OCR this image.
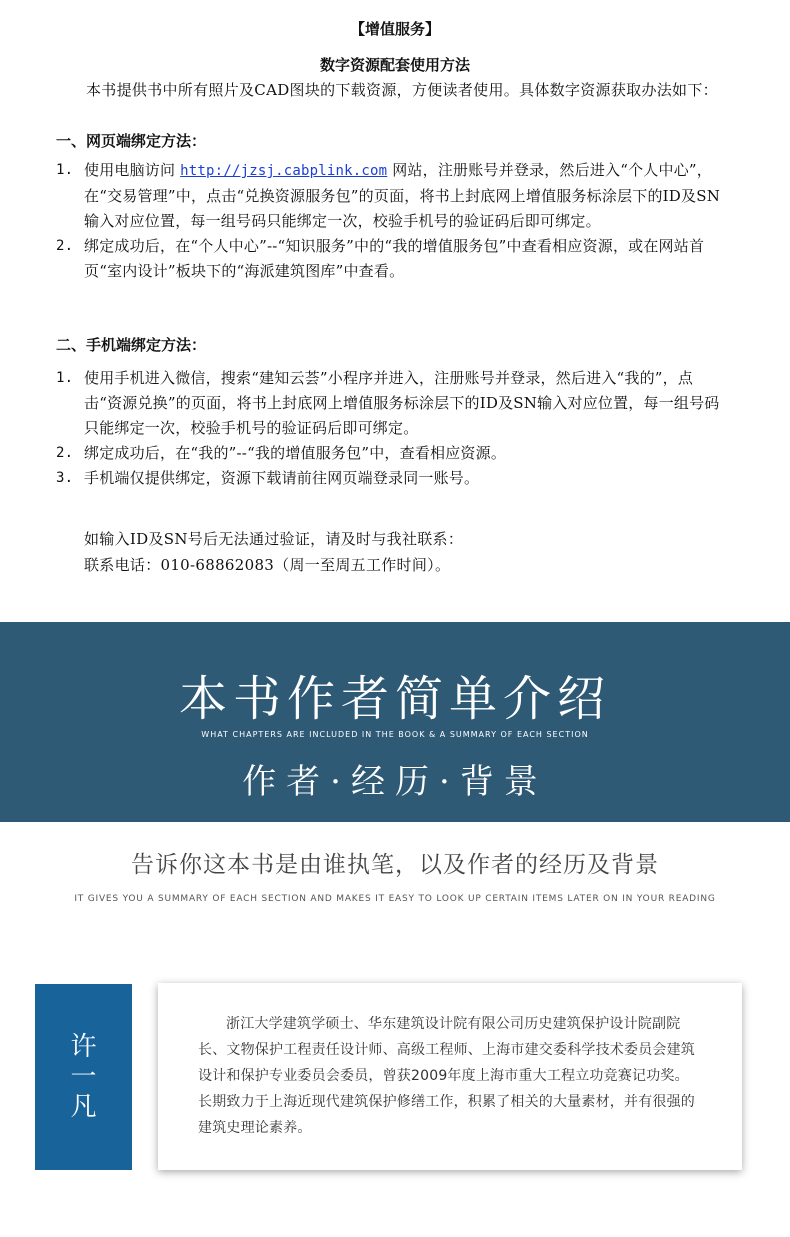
【增值服务】
数字资源配套使用方法

本书提供书中所有照片及CAD图块的下载资源，方便读者使用。具体数字资源获取办法如下：

一、网页端绑定方法：
1. 使用电脑访问 http://jzsj.cabplink.com 网站，注册账号并登录，然后进入“个人中心”，在“交易管理”中，点击“兑换资源服务包”的页面，将书上封底网上增值服务标涂层下的ID及SN输入对应位置，每一组号码只能绑定一次，校验手机号的验证码后即可绑定。
2. 绑定成功后，在“个人中心”--“知识服务”中的“我的增值服务包”中查看相应资源，或在网站首页“室内设计”板块下的“海派建筑图库”中查看。
二、手机端绑定方法：
1. 使用手机进入微信，搜索“建知云荟”小程序并进入，注册账号并登录，然后进入“我的”，点击“资源兑换”的页面，将书上封底网上增值服务标涂层下的ID及SN输入对应位置，每一组号码只能绑定一次，校验手机号的验证码后即可绑定。
2. 绑定成功后，在“我的”--“我的增值服务包”中，查看相应资源。
3. 手机端仅提供绑定，资源下载请前往网页端登录同一账号。
如输入ID及SN号后无法通过验证，请及时与我社联系：
联系电话：010-68862083（周一至周五工作时间）。
本书作者简单介绍
WHAT CHAPTERS ARE INCLUDED IN THE BOOK & A SUMMARY OF EACH SECTION
作者·经历·背景
告诉你这本书是由谁执笔，以及作者的经历及背景
IT GIVES YOU A SUMMARY OF EACH SECTION AND MAKES IT EASY TO LOOK UP CERTAIN ITEMS LATER ON IN YOUR READING
许
一
凡

浙江大学建筑学硕士、华东建筑设计院有限公司历史建筑保护设计院副院长、文物保护工程责任设计师、高级工程师、上海市建交委科学技术委员会建筑设计和保护专业委员会委员，曾获2009年度上海市重大工程立功竞赛记功奖。 长期致力于上海近现代建筑保护修缮工作，积累了相关的大量素材，并有很强的建筑史理论素养。
